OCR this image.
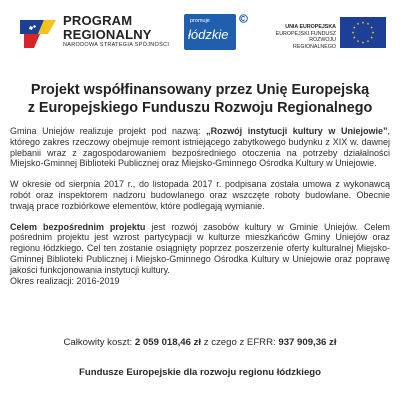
PROGRAM
REGIONALNY
NARODOWA STRATEGIA SPÓJNOŚCI
promuje
łódzkie	UNIA EUROPEJSKA
EUROPEJSKI FUNDUSZ
ROZWOJU REGIONALNEGO
Projekt współfinansowany przez Unię Europejską
z Europejskiego Funduszu Rozwoju Regionalnego

Gmina Uniejów realizuje projekt pod nazwą: „Rozwój instytucji kultury w Uniejowie”, którego zakres rzeczowy obejmuje remont istniejącego zabytkowego budynku z XIX w. dawnej plebanii wraz z zagospodarowaniem bezpośredniego otoczenia na potrzeby działalności Miejsko-Gminnej Biblioteki Publicznej oraz Miejsko-Gminnego Ośrodka Kultury w Uniejowie.

W okresie od sierpnia 2017 r., do listopada 2017 r. podpisana została umowa z wykonawcą robót oraz inspektorem nadzoru budowlanego oraz wszczęte roboty budowlane. Obecnie trwają prace rozbiórkowe elementów, które podlegają wymianie.

Celem bezpośrednim projektu jest rozwój zasobów kultury w Gminie Uniejów. Celem pośrednim projektu jest wzrost partycypacji w kulturze mieszkańców Gminy Uniejów oraz regionu łódzkiego. Cel ten zostanie osiągnięty poprzez poszerzenie oferty kulturalnej Miejsko-Gminnej Biblioteki Publicznej i Miejsko-Gminnego Ośrodka Kultury w Uniejowie oraz poprawę jakości funkcjonowania instytucji kultury.
Okres realizacji: 2016-2019

Całkowity koszt: 2 059 018,46 zł z czego z EFRR: 937 909,36 zł
Fundusze Europejskie dla rozwoju regionu łódzkiego
